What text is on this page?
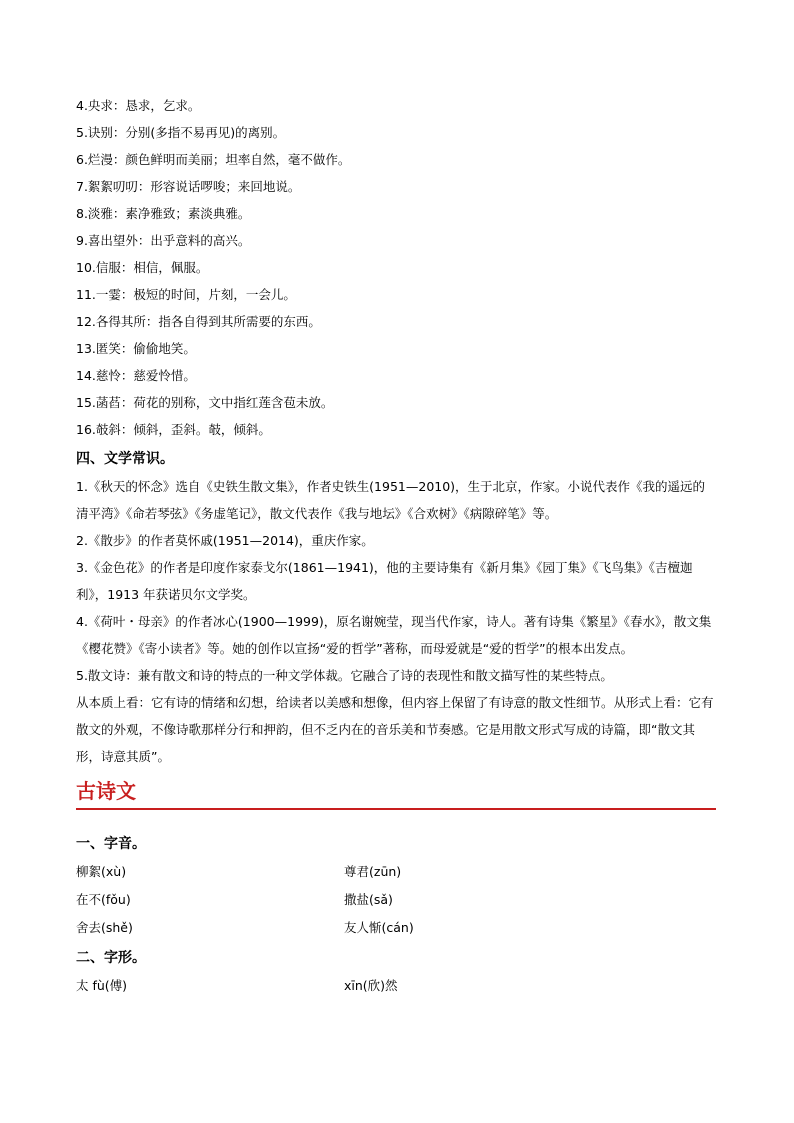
4.央求：恳求，乞求。
5.诀别：分别(多指不易再见)的离别。
6.烂漫：颜色鲜明而美丽；坦率自然，毫不做作。
7.絮絮叨叨：形容说话啰唆；来回地说。
8.淡雅：素净雅致；素淡典雅。
9.喜出望外：出乎意料的高兴。
10.信服：相信，佩服。
11.一霎：极短的时间，片刻，一会儿。
12.各得其所：指各自得到其所需要的东西。
13.匿笑：偷偷地笑。
14.慈怜：慈爱怜惜。
15.菡萏：荷花的别称，文中指红莲含苞未放。
16.攲斜：倾斜，歪斜。攲，倾斜。
四、文学常识。
1.《秋天的怀念》选自《史铁生散文集》，作者史铁生(1951—2010)，生于北京，作家。小说代表作《我的遥远的清平湾》《命若琴弦》《务虚笔记》，散文代表作《我与地坛》《合欢树》《病隙碎笔》等。
2.《散步》的作者莫怀戚(1951—2014)，重庆作家。
3.《金色花》的作者是印度作家泰戈尔(1861—1941)，他的主要诗集有《新月集》《园丁集》《飞鸟集》《吉檀迦利》，1913 年获诺贝尔文学奖。
4.《荷叶・母亲》的作者冰心(1900—1999)，原名谢婉莹，现当代作家，诗人。著有诗集《繁星》《春水》，散文集《樱花赞》《寄小读者》等。她的创作以宣扬“爱的哲学”著称，而母爱就是“爱的哲学”的根本出发点。
5.散文诗：兼有散文和诗的特点的一种文学体裁。它融合了诗的表现性和散文描写性的某些特点。
从本质上看：它有诗的情绪和幻想，给读者以美感和想像，但内容上保留了有诗意的散文性细节。从形式上看：它有散文的外观，不像诗歌那样分行和押韵，但不乏内在的音乐美和节奏感。它是用散文形式写成的诗篇，即“散文其形，诗意其质”。
古诗文
一、字音。
柳絮(xù)	尊君(zūn)
在不(fǒu)	撒盐(sǎ)
舍去(shě)	友人惭(cán)
二、字形。
太 fù(傅)	xīn(欣)然
